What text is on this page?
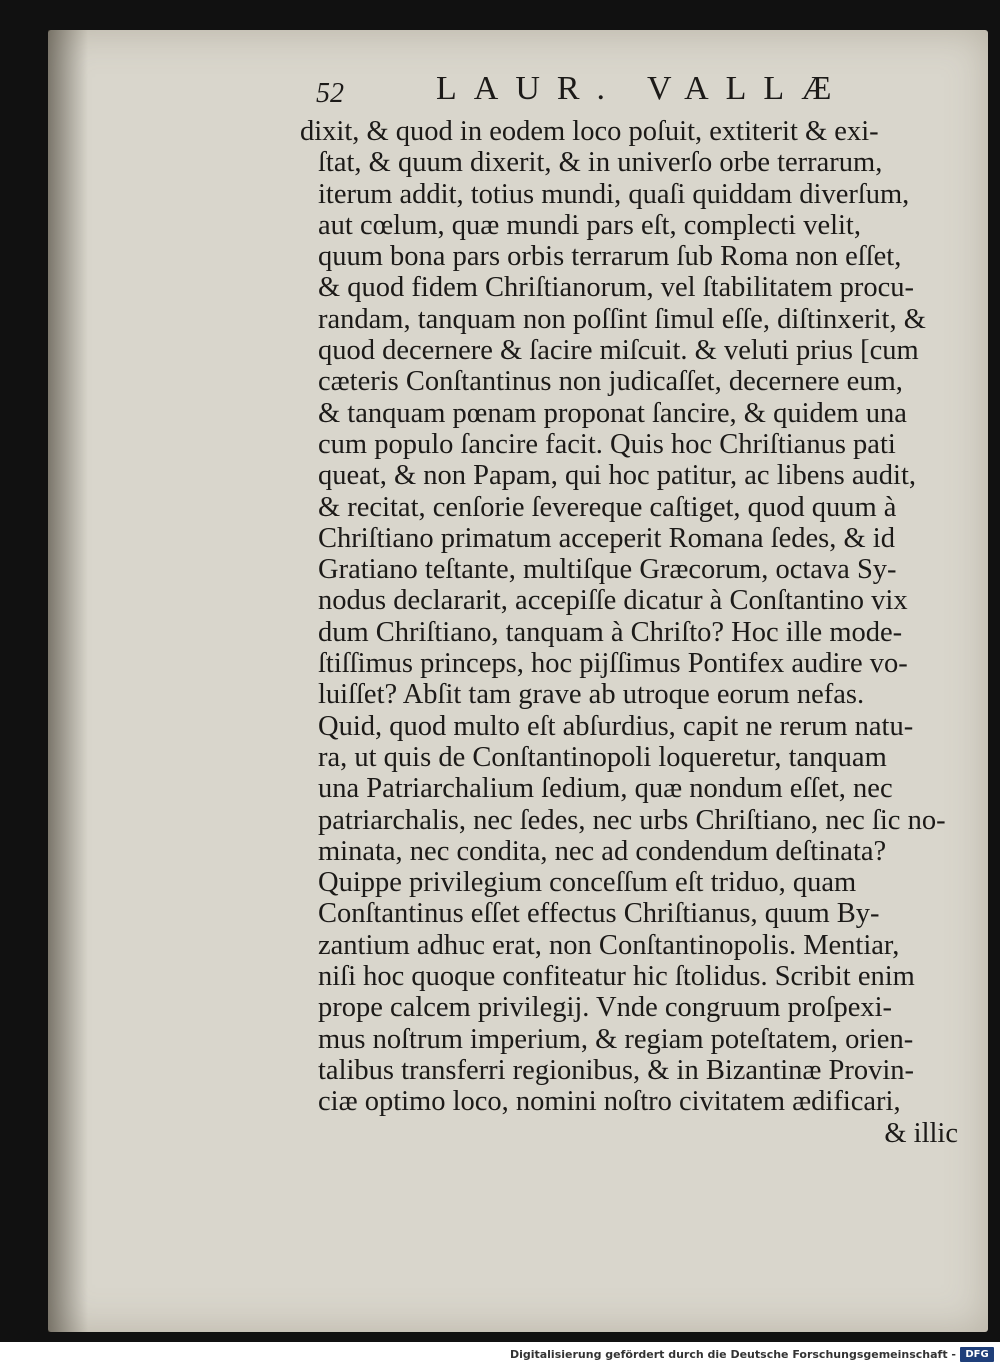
52	LAUR. VALLÆ
dixit, & quod in eodem loco poſuit, extiterit & exi-
ſtat, & quum dixerit, & in univerſo orbe terrarum,
iterum addit, totius mundi, quaſi quiddam diverſum,
aut cœlum, quæ mundi pars eſt, complecti velit,
quum bona pars orbis terrarum ſub Roma non eſſet,
& quod fidem Chriſtianorum, vel ſtabilitatem procu-
randam, tanquam non poſſint ſimul eſſe, diſtinxerit, &
quod decernere & ſacire miſcuit. & veluti prius [cum
cæteris Conſtantinus non judicaſſet, decernere eum,
& tanquam pœnam proponat ſancire, & quidem una
cum populo ſancire facit. Quis hoc Chriſtianus pati
queat, & non Papam, qui hoc patitur, ac libens audit,
& recitat, cenſorie ſevereque caſtiget, quod quum à
Chriſtiano primatum acceperit Romana ſedes, & id
Gratiano teſtante, multiſque Græcorum, octava Sy-
nodus declararit, accepiſſe dicatur à Conſtantino vix
dum Chriſtiano, tanquam à Chriſto? Hoc ille mode-
ſtiſſimus princeps, hoc pijſſimus Pontifex audire vo-
luiſſet? Abſit tam grave ab utroque eorum nefas.
Quid, quod multo eſt abſurdius, capit ne rerum natu-
ra, ut quis de Conſtantinopoli loqueretur, tanquam
una Patriarchalium ſedium, quæ nondum eſſet, nec
patriarchalis, nec ſedes, nec urbs Chriſtiano, nec ſic no-
minata, nec condita, nec ad condendum deſtinata?
Quippe privilegium conceſſum eſt triduo, quam
Conſtantinus eſſet effectus Chriſtianus, quum By-
zantium adhuc erat, non Conſtantinopolis. Mentiar,
niſi hoc quoque confiteatur hic ſtolidus. Scribit enim
prope calcem privilegij. Vnde congruum proſpexi-
mus noſtrum imperium, & regiam poteſtatem, orien-
talibus transferri regionibus, & in Bizantinæ Provin-
ciæ optimo loco, nomini noſtro civitatem ædificari,
& illic
Digitalisierung gefördert durch die Deutsche Forschungsgemeinschaft - DFG
